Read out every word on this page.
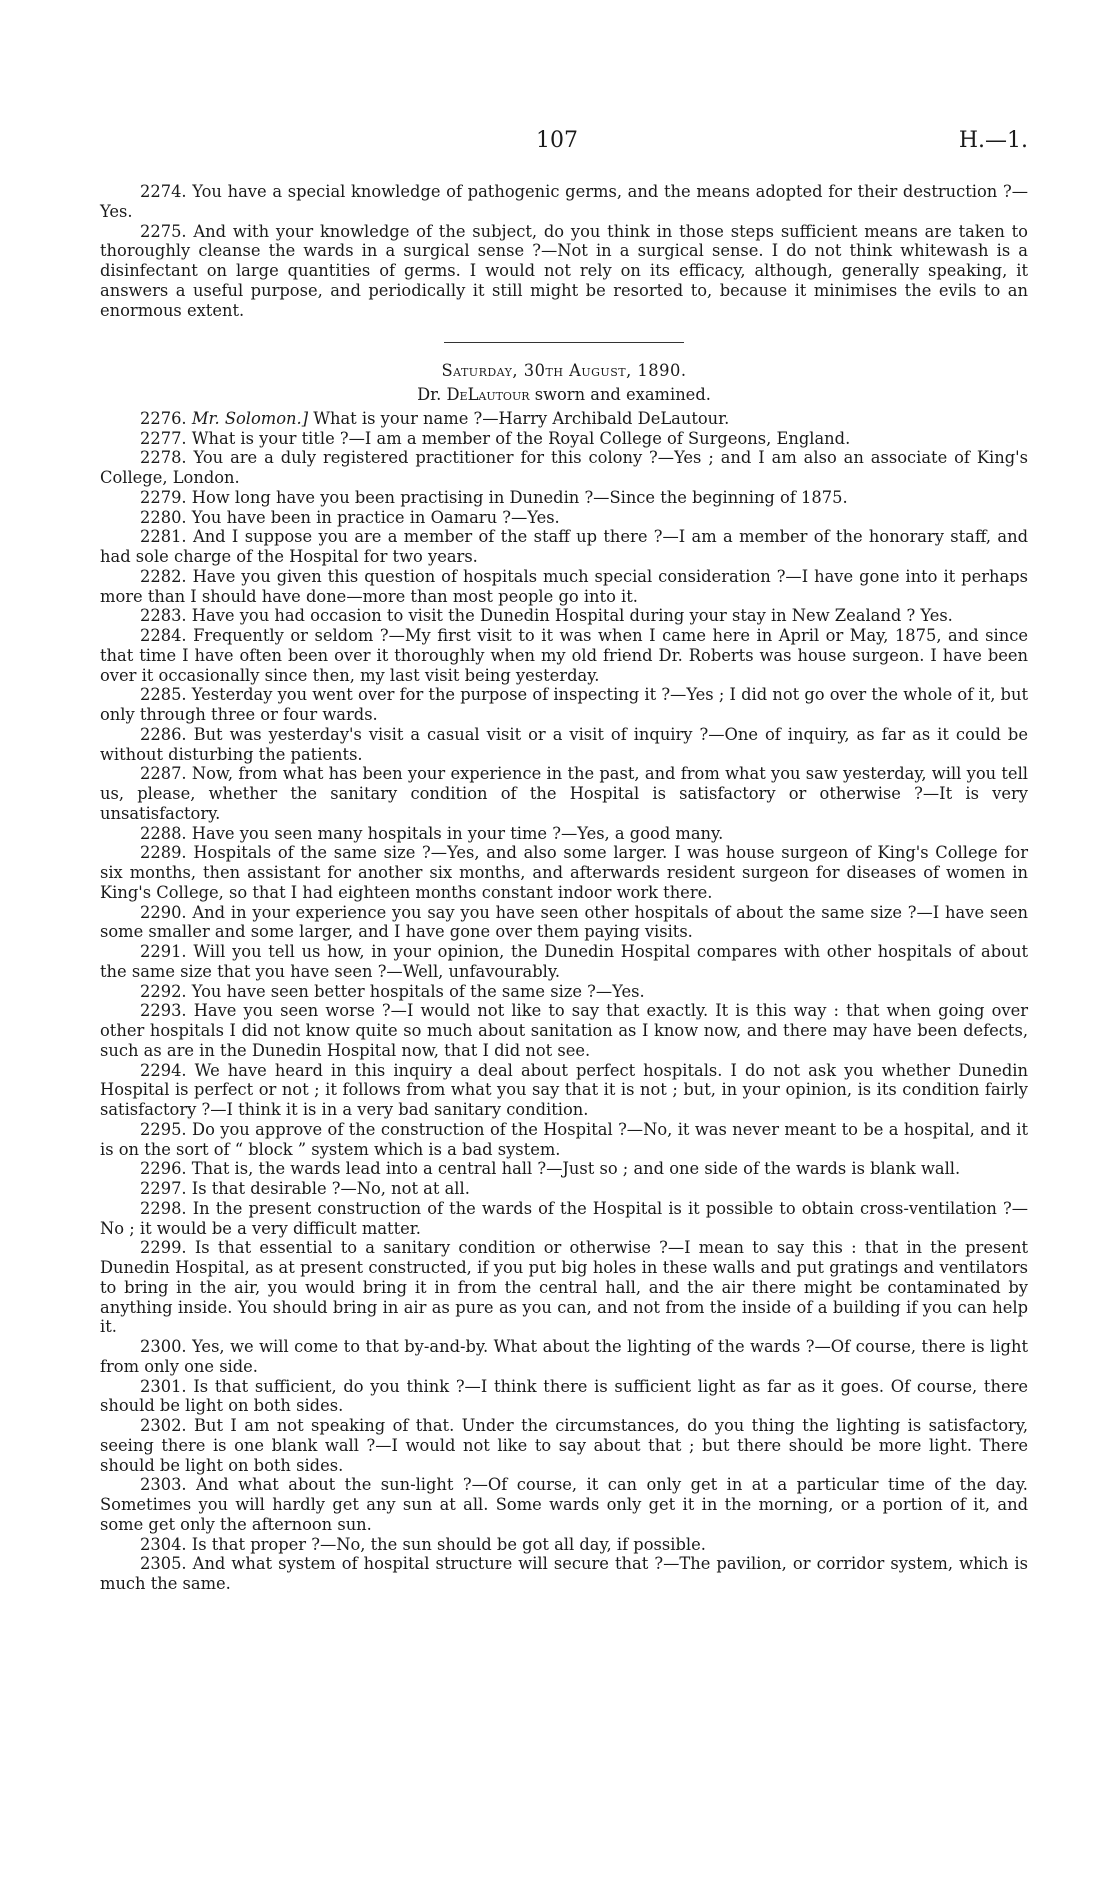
107	H.—1.

2274. You have a special knowledge of pathogenic germs, and the means adopted for their destruction ?—Yes.

2275. And with your knowledge of the subject, do you think in those steps sufficient means are taken to thoroughly cleanse the wards in a surgical sense ?—Not in a surgical sense. I do not think whitewash is a disinfectant on large quantities of germs. I would not rely on its efficacy, although, generally speaking, it answers a useful purpose, and periodically it still might be resorted to, because it minimises the evils to an enormous extent.

Saturday, 30th August, 1890.

Dr. DeLautour sworn and examined.

2276. Mr. Solomon.] What is your name ?—Harry Archibald DeLautour.

2277. What is your title ?—I am a member of the Royal College of Surgeons, England.

2278. You are a duly registered practitioner for this colony ?—Yes ; and I am also an associate of King's College, London.

2279. How long have you been practising in Dunedin ?—Since the beginning of 1875.

2280. You have been in practice in Oamaru ?—Yes.

2281. And I suppose you are a member of the staff up there ?—I am a member of the honorary staff, and had sole charge of the Hospital for two years.

2282. Have you given this question of hospitals much special consideration ?—I have gone into it perhaps more than I should have done—more than most people go into it.

2283. Have you had occasion to visit the Dunedin Hospital during your stay in New Zealand ? Yes.

2284. Frequently or seldom ?—My first visit to it was when I came here in April or May, 1875, and since that time I have often been over it thoroughly when my old friend Dr. Roberts was house surgeon. I have been over it occasionally since then, my last visit being yesterday.

2285. Yesterday you went over for the purpose of inspecting it ?—Yes ; I did not go over the whole of it, but only through three or four wards.

2286. But was yesterday's visit a casual visit or a visit of inquiry ?—One of inquiry, as far as it could be without disturbing the patients.

2287. Now, from what has been your experience in the past, and from what you saw yesterday, will you tell us, please, whether the sanitary condition of the Hospital is satisfactory or otherwise ?—It is very unsatisfactory.

2288. Have you seen many hospitals in your time ?—Yes, a good many.

2289. Hospitals of the same size ?—Yes, and also some larger. I was house surgeon of King's College for six months, then assistant for another six months, and afterwards resident surgeon for diseases of women in King's College, so that I had eighteen months constant indoor work there.

2290. And in your experience you say you have seen other hospitals of about the same size ?—I have seen some smaller and some larger, and I have gone over them paying visits.

2291. Will you tell us how, in your opinion, the Dunedin Hospital compares with other hospitals of about the same size that you have seen ?—Well, unfavourably.

2292. You have seen better hospitals of the same size ?—Yes.

2293. Have you seen worse ?—I would not like to say that exactly. It is this way : that when going over other hospitals I did not know quite so much about sanitation as I know now, and there may have been defects, such as are in the Dunedin Hospital now, that I did not see.

2294. We have heard in this inquiry a deal about perfect hospitals. I do not ask you whether Dunedin Hospital is perfect or not ; it follows from what you say that it is not ; but, in your opinion, is its condition fairly satisfactory ?—I think it is in a very bad sanitary condition.

2295. Do you approve of the construction of the Hospital ?—No, it was never meant to be a hospital, and it is on the sort of “ block ” system which is a bad system.

2296. That is, the wards lead into a central hall ?—Just so ; and one side of the wards is blank wall.

2297. Is that desirable ?—No, not at all.

2298. In the present construction of the wards of the Hospital is it possible to obtain cross-ventilation ?—No ; it would be a very difficult matter.

2299. Is that essential to a sanitary condition or otherwise ?—I mean to say this : that in the present Dunedin Hospital, as at present constructed, if you put big holes in these walls and put gratings and ventilators to bring in the air, you would bring it in from the central hall, and the air there might be contaminated by anything inside. You should bring in air as pure as you can, and not from the inside of a building if you can help it.

2300. Yes, we will come to that by-and-by. What about the lighting of the wards ?—Of course, there is light from only one side.

2301. Is that sufficient, do you think ?—I think there is sufficient light as far as it goes. Of course, there should be light on both sides.

2302. But I am not speaking of that. Under the circumstances, do you thing the lighting is satisfactory, seeing there is one blank wall ?—I would not like to say about that ; but there should be more light. There should be light on both sides.

2303. And what about the sun-light ?—Of course, it can only get in at a particular time of the day. Sometimes you will hardly get any sun at all. Some wards only get it in the morning, or a portion of it, and some get only the afternoon sun.

2304. Is that proper ?—No, the sun should be got all day, if possible.

2305. And what system of hospital structure will secure that ?—The pavilion, or corridor system, which is much the same.
